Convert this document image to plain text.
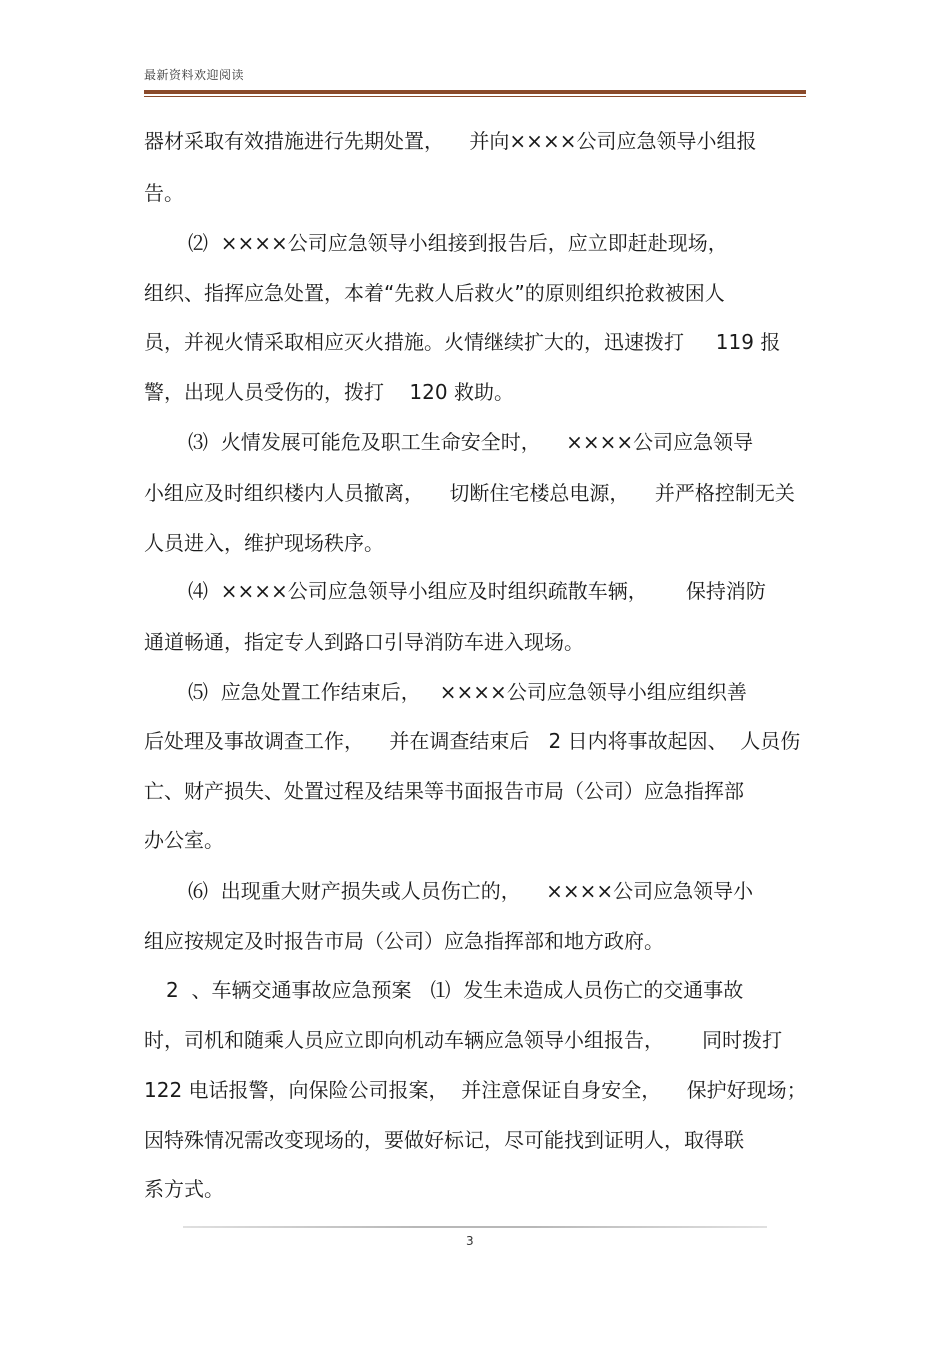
最新资料欢迎阅读
器材采取有效措施进行先期处置，    并向××××公司应急领导小组报
告。
⑵  ××××公司应急领导小组接到报告后，应立即赶赴现场，
组织、指挥应急处置，本着“先救人后救火”的原则组织抢救被困人
员，并视火情采取相应灭火措施。火情继续扩大的，迅速拨打     119 报
警，出现人员受伤的，拨打    120 救助。
⑶  火情发展可能危及职工生命安全时，    ××××公司应急领导
小组应及时组织楼内人员撤离，    切断住宅楼总电源，    并严格控制无关
人员进入，维护现场秩序。
⑷  ××××公司应急领导小组应及时组织疏散车辆，      保持消防
通道畅通，指定专人到路口引导消防车进入现场。
⑸  应急处置工作结束后，   ××××公司应急领导小组应组织善
后处理及事故调查工作，    并在调查结束后   2 日内将事故起因、  人员伤
亡、财产损失、处置过程及结果等书面报告市局（公司）应急指挥部
办公室。
⑹  出现重大财产损失或人员伤亡的，    ××××公司应急领导小
组应按规定及时报告市局（公司）应急指挥部和地方政府。
2  、车辆交通事故应急预案   ⑴  发生未造成人员伤亡的交通事故
时，司机和随乘人员应立即向机动车辆应急领导小组报告，      同时拨打
122 电话报警，向保险公司报案，  并注意保证自身安全，    保护好现场；
因特殊情况需改变现场的，要做好标记，尽可能找到证明人，取得联
系方式。
3
